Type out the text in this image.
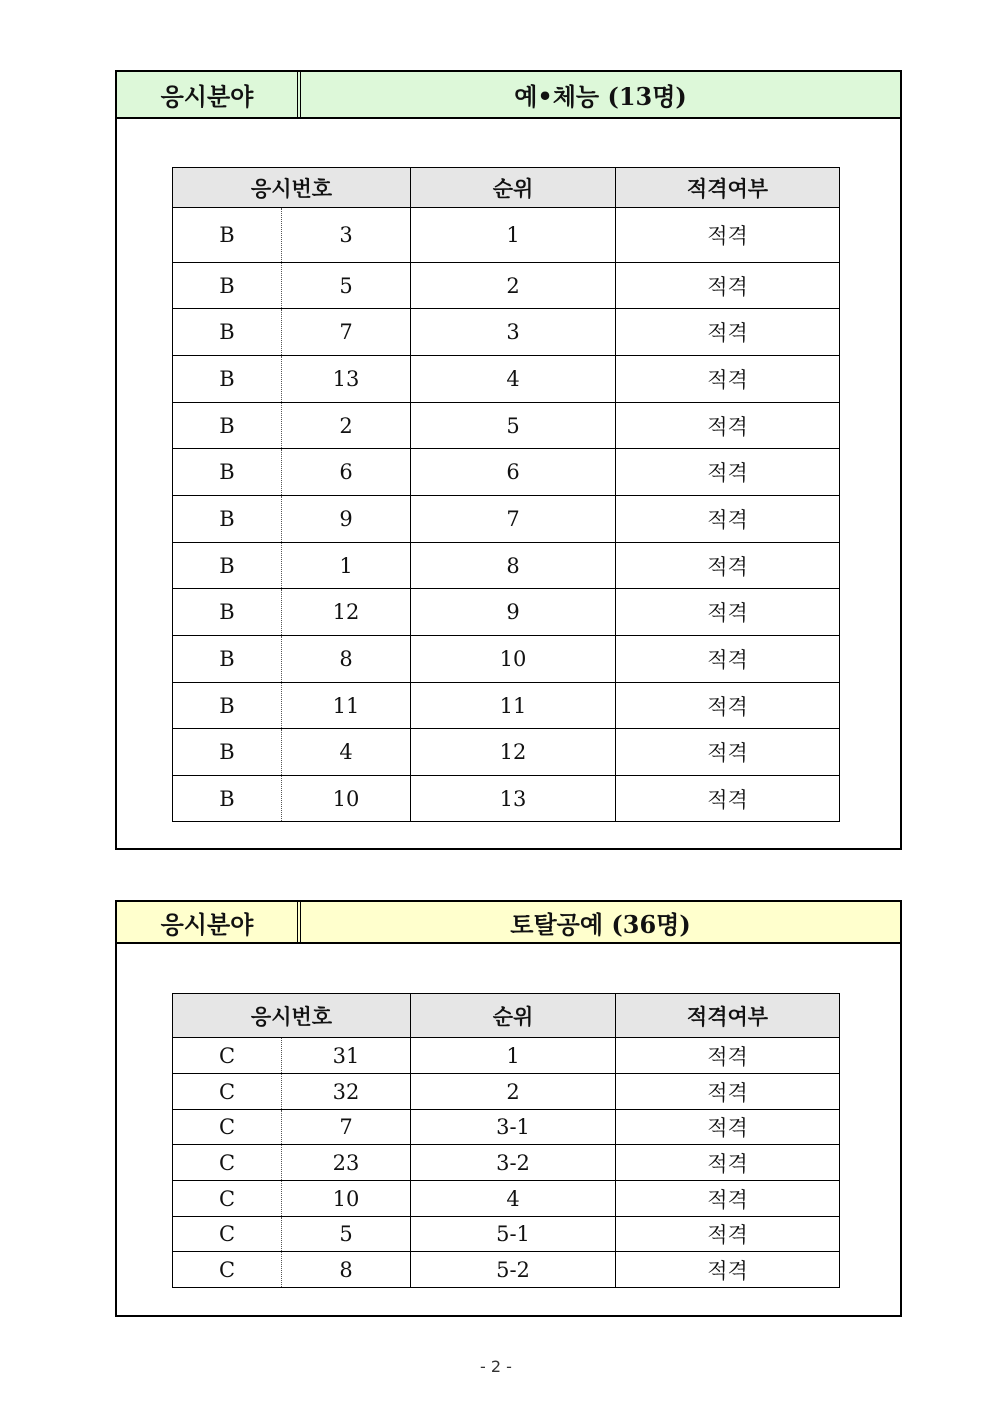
응시분야	예•체능 (13명)
응시번호		순위	적격여부
B	3	1	적격
B	5	2	적격
B	7	3	적격
B	13	4	적격
B	2	5	적격
B	6	6	적격
B	9	7	적격
B	1	8	적격
B	12	9	적격
B	8	10	적격
B	11	11	적격
B	4	12	적격
B	10	13	적격
응시분야	토탈공예 (36명)
응시번호		순위	적격여부
C	31	1	적격
C	32	2	적격
C	7	3-1	적격
C	23	3-2	적격
C	10	4	적격
C	5	5-1	적격
C	8	5-2	적격
- 2 -
